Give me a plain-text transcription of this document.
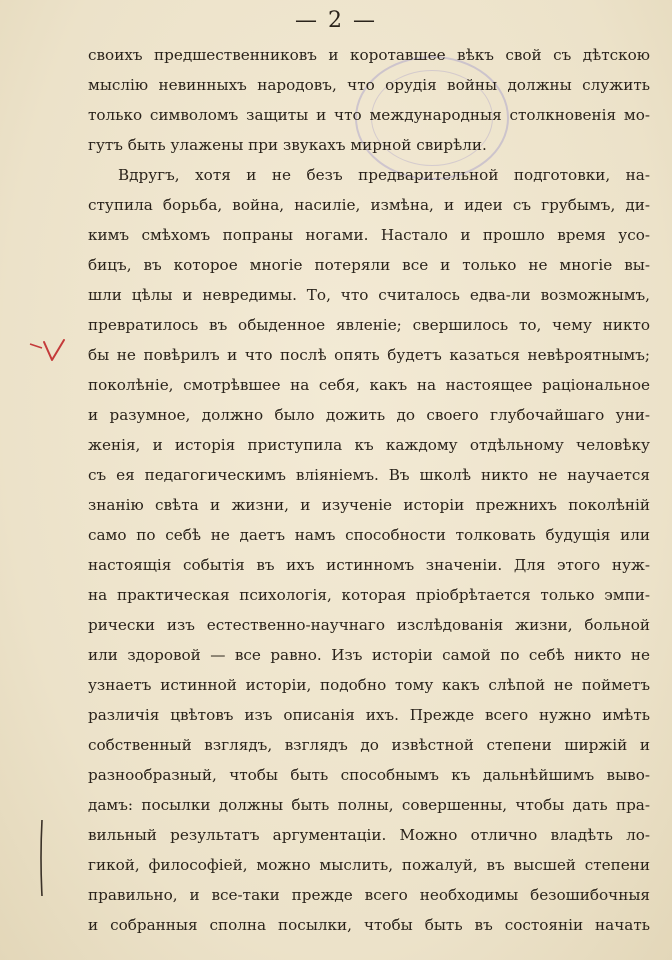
— 2 —
своихъ предшественниковъ и коротавшее вѣкъ свой съ дѣтскою
мыслiю невинныхъ народовъ, что орудiя войны должны служить
только символомъ защиты и что международныя столкновенiя мо-
гутъ быть улажены при звукахъ мирной свирѣли.
Вдругъ, хотя и не безъ предварительной подготовки, на-
ступила борьба, война, насилiе, измѣна, и идеи съ грубымъ, ди-
кимъ смѣхомъ попраны ногами. Настало и прошло время усо-
бицъ, въ которое многiе потеряли все и только не многiе вы-
шли цѣлы и невредимы. То, что считалось едва-ли возможнымъ,
превратилось въ обыденное явленiе; свершилось то, чему никто
бы не повѣрилъ и что послѣ опять будетъ казаться невѣроятнымъ;
поколѣнiе, смотрѣвшее на себя, какъ на настоящее рацiональное
и разумное, должно было дожить до своего глубочайшаго уни-
женiя, и исторiя приступила къ каждому отдѣльному человѣку
съ ея педагогическимъ влiянiемъ. Въ школѣ никто не научается
знанiю свѣта и жизни, и изученiе исторiи прежнихъ поколѣнiй
само по себѣ не даетъ намъ способности толковать будущiя или
настоящiя событiя въ ихъ истинномъ значенiи. Для этого нуж-
на практическая психологiя, которая прiобрѣтается только эмпи-
рически изъ естественно-научнаго изслѣдованiя жизни, больной
или здоровой — все равно. Изъ исторiи самой по себѣ никто не
узнаетъ истинной исторiи, подобно тому какъ слѣпой не пойметъ
различiя цвѣтовъ изъ описанiя ихъ. Прежде всего нужно имѣть
собственный взглядъ, взглядъ до извѣстной степени ширжiй и
разнообразный, чтобы быть способнымъ къ дальнѣйшимъ выво-
дамъ: посылки должны быть полны, совершенны, чтобы дать пра-
вильный результатъ аргументацiи. Можно отлично владѣть ло-
гикой, философiей, можно мыслить, пожалуй, въ высшей степени
правильно, и все-таки прежде всего необходимы безошибочныя
и собранныя сполна посылки, чтобы быть въ состоянiи начать
